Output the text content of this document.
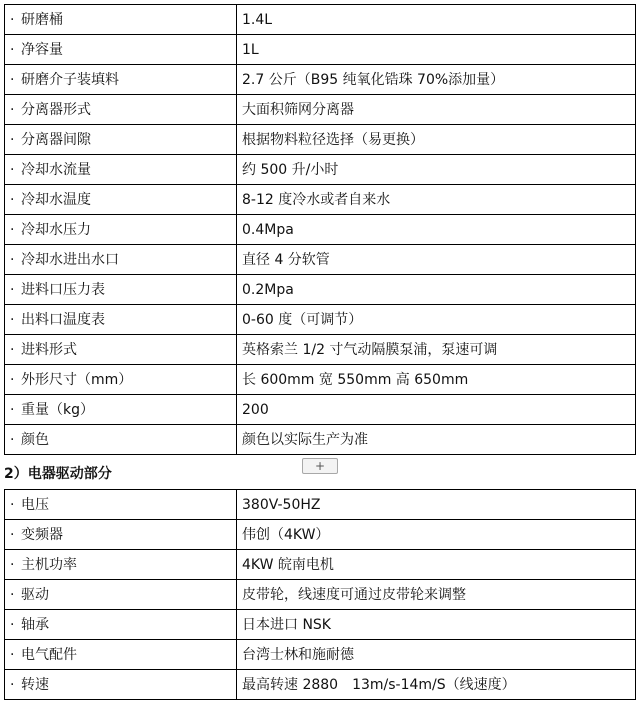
· 研磨桶	1.4L
· 净容量	1L
· 研磨介子装填料	2.7 公斤（B95 纯氧化锆珠 70%添加量）
· 分离器形式	大面积筛网分离器
· 分离器间隙	根据物料粒径选择（易更换）
· 冷却水流量	约 500 升/小时
· 冷却水温度	8-12 度冷水或者自来水
· 冷却水压力	0.4Mpa
· 冷却水进出水口	直径 4 分软管
· 进料口压力表	0.2Mpa
· 出料口温度表	0-60 度（可调节）
· 进料形式	英格索兰 1/2 寸气动隔膜泵浦，泵速可调
· 外形尺寸（mm）	长 600mm 宽 550mm 高 650mm
· 重量（kg）	200
· 颜色	颜色以实际生产为准
2）电器驱动部分	+
· 电压	380V-50HZ
· 变频器	伟创（4KW）
· 主机功率	4KW 皖南电机
· 驱动	皮带轮，线速度可通过皮带轮来调整
· 轴承	日本进口 NSK
· 电气配件	台湾士林和施耐德
· 转速	最高转速 2880　13m/s-14m/S（线速度）
